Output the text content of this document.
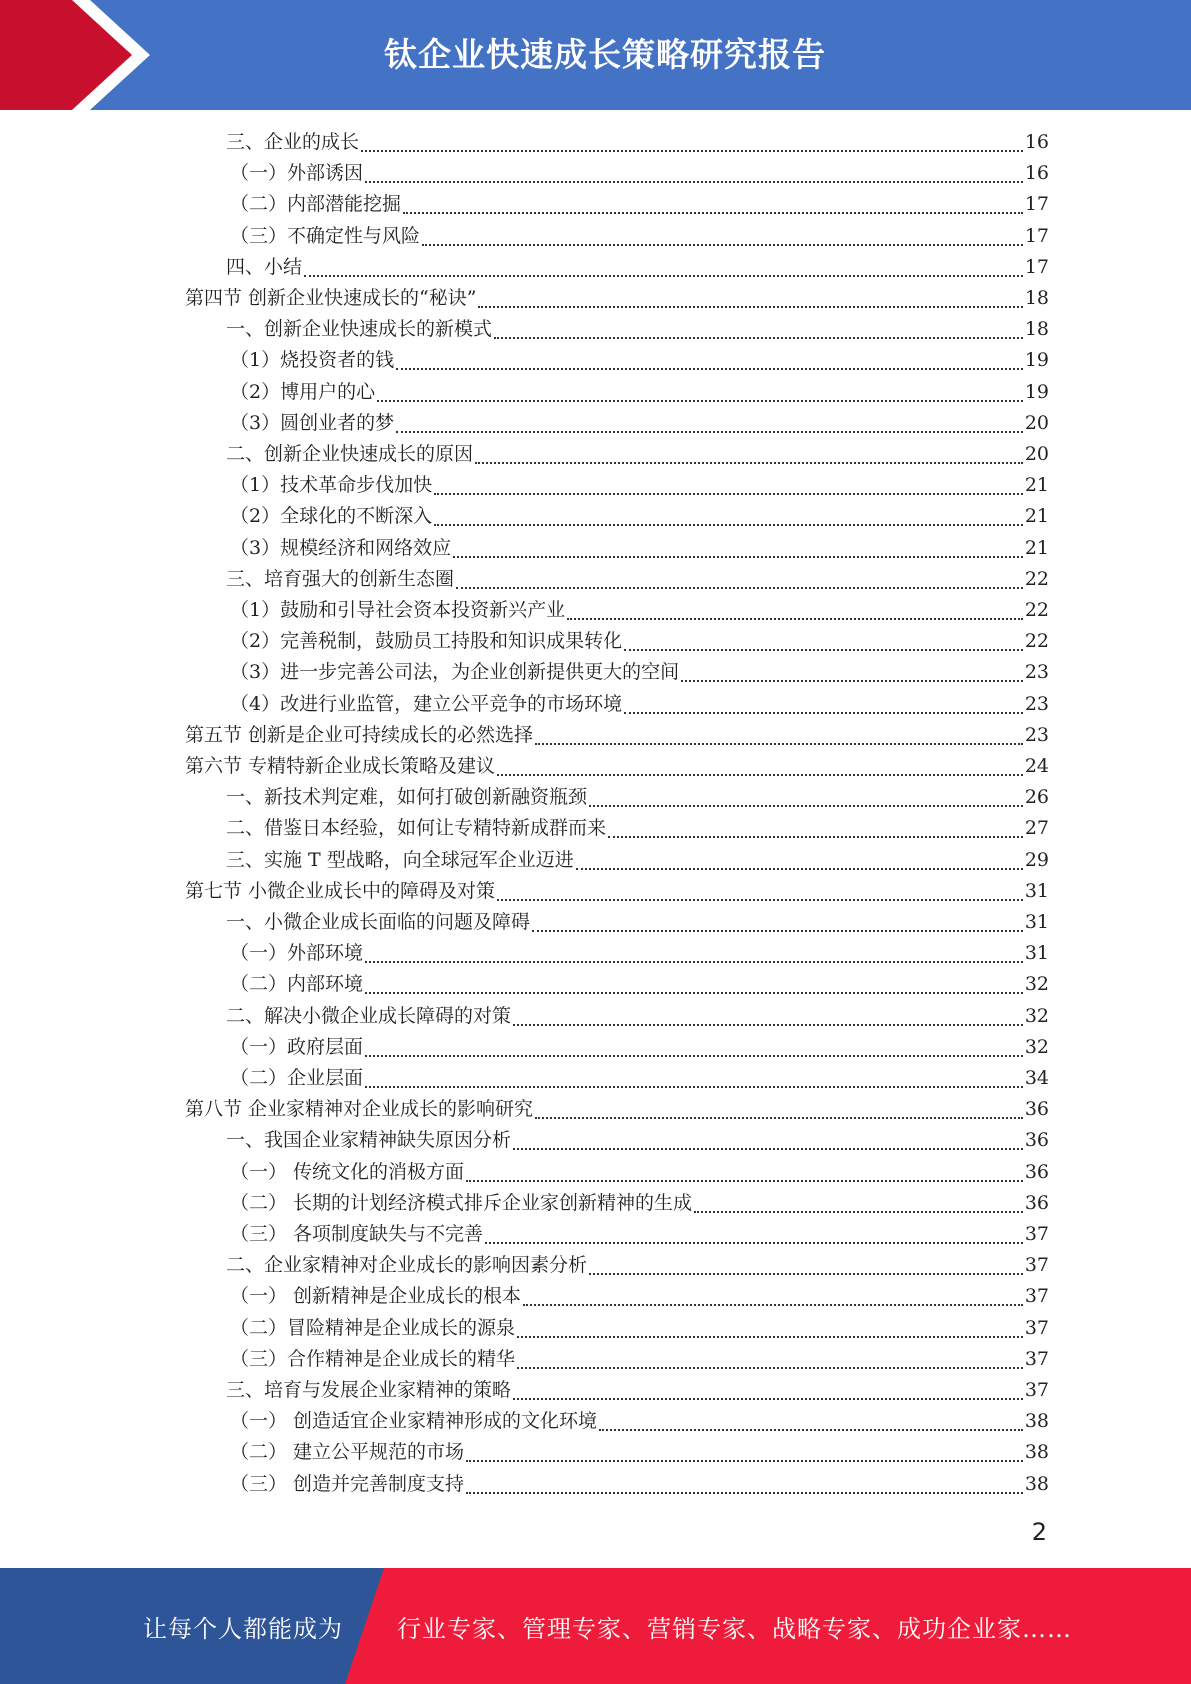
钛企业快速成长策略研究报告
三、企业的成长	16
（一）外部诱因	16
（二）内部潜能挖掘	17
（三）不确定性与风险	17
四、小结	17
第四节 创新企业快速成长的“秘诀”	18
一、创新企业快速成长的新模式	18
（1）烧投资者的钱	19
（2）博用户的心	19
（3）圆创业者的梦	20
二、创新企业快速成长的原因	20
（1）技术革命步伐加快	21
（2）全球化的不断深入	21
（3）规模经济和网络效应	21
三、培育强大的创新生态圈	22
（1）鼓励和引导社会资本投资新兴产业	22
（2）完善税制，鼓励员工持股和知识成果转化	22
（3）进一步完善公司法，为企业创新提供更大的空间	23
（4）改进行业监管，建立公平竞争的市场环境	23
第五节 创新是企业可持续成长的必然选择	23
第六节 专精特新企业成长策略及建议	24
一、新技术判定难，如何打破创新融资瓶颈	26
二、借鉴日本经验，如何让专精特新成群而来	27
三、实施 T 型战略，向全球冠军企业迈进	29
第七节 小微企业成长中的障碍及对策	31
一、小微企业成长面临的问题及障碍	31
（一）外部环境	31
（二）内部环境	32
二、解决小微企业成长障碍的对策	32
（一）政府层面	32
（二）企业层面	34
第八节 企业家精神对企业成长的影响研究	36
一、我国企业家精神缺失原因分析	36
（一） 传统文化的消极方面	36
（二） 长期的计划经济模式排斥企业家创新精神的生成	36
（三） 各项制度缺失与不完善	37
二、企业家精神对企业成长的影响因素分析	37
（一） 创新精神是企业成长的根本	37
（二）冒险精神是企业成长的源泉	37
（三）合作精神是企业成长的精华	37
三、培育与发展企业家精神的策略	37
（一） 创造适宜企业家精神形成的文化环境	38
（二） 建立公平规范的市场	38
（三） 创造并完善制度支持	38
2
让每个人都能成为 行业专家、管理专家、营销专家、战略专家、成功企业家……
